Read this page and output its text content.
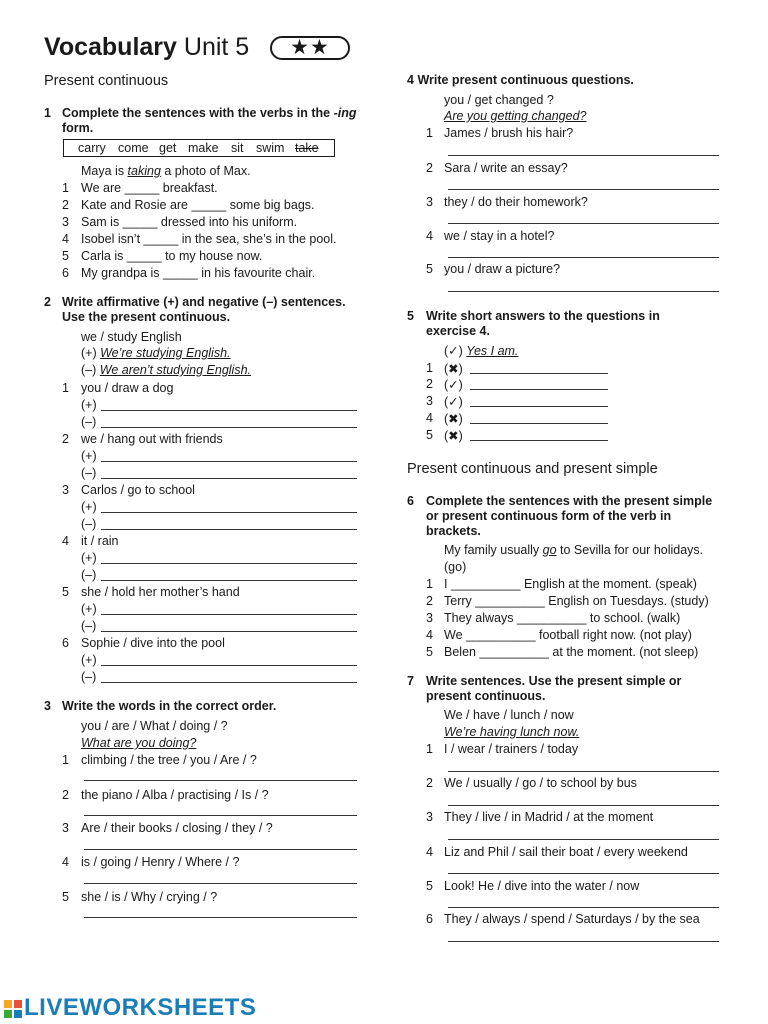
Vocabulary Unit 5	★★
Present continuous
1 Complete the sentences with the verbs in the -ing form.
carry come get make sit swim take
Maya is taking a photo of Max.
1 We are _____ breakfast.
2 Kate and Rosie are _____ some big bags.
3 Sam is _____ dressed into his uniform.
4 Isobel isn’t _____ in the sea, she’s in the pool.
5 Carla is _____ to my house now.
6 My grandpa is _____ in his favourite chair.
2 Write affirmative (+) and negative (–) sentences. Use the present continuous.
we / study English
(+) We’re studying English.
(–) We aren’t studying English.
1 you / draw a dog
(+)
(–)
2 we / hang out with friends
(+)
(–)
3 Carlos / go to school
(+)
(–)
4 it / rain
(+)
(–)
5 she / hold her mother’s hand
(+)
(–)
6 Sophie / dive into the pool
(+)
(–)
3 Write the words in the correct order.
you / are / What / doing / ?
What are you doing?
1 climbing / the tree / you / Are / ?
2 the piano / Alba / practising / Is / ?
3 Are / their books / closing / they / ?
4 is / going / Henry / Where / ?
5 she / is / Why / crying / ?
4 Write present continuous questions.
you / get changed ?
Are you getting changed?
1 James / brush his hair?
2 Sara / write an essay?
3 they / do their homework?
4 we / stay in a hotel?
5 you / draw a picture?
5 Write short answers to the questions in exercise 4.
(✓) Yes I am.
1 (✖)
2 (✓)
3 (✓)
4 (✖)
5 (✖)
Present continuous and present simple
6 Complete the sentences with the present simple or present continuous form of the verb in brackets.
My family usually go to Sevilla for our holidays.
(go)
1 I __________ English at the moment. (speak)
2 Terry __________ English on Tuesdays. (study)
3 They always __________ to school. (walk)
4 We __________ football right now. (not play)
5 Belen __________ at the moment. (not sleep)
7 Write sentences. Use the present simple or present continuous.
We / have / lunch / now
We’re having lunch now.
1 I / wear / trainers / today
2 We / usually / go / to school by bus
3 They / live / in Madrid / at the moment
4 Liz and Phil / sail their boat / every weekend
5 Look! He / dive into the water / now
6 They / always / spend / Saturdays / by the sea
LIVEWORKSHEETS
